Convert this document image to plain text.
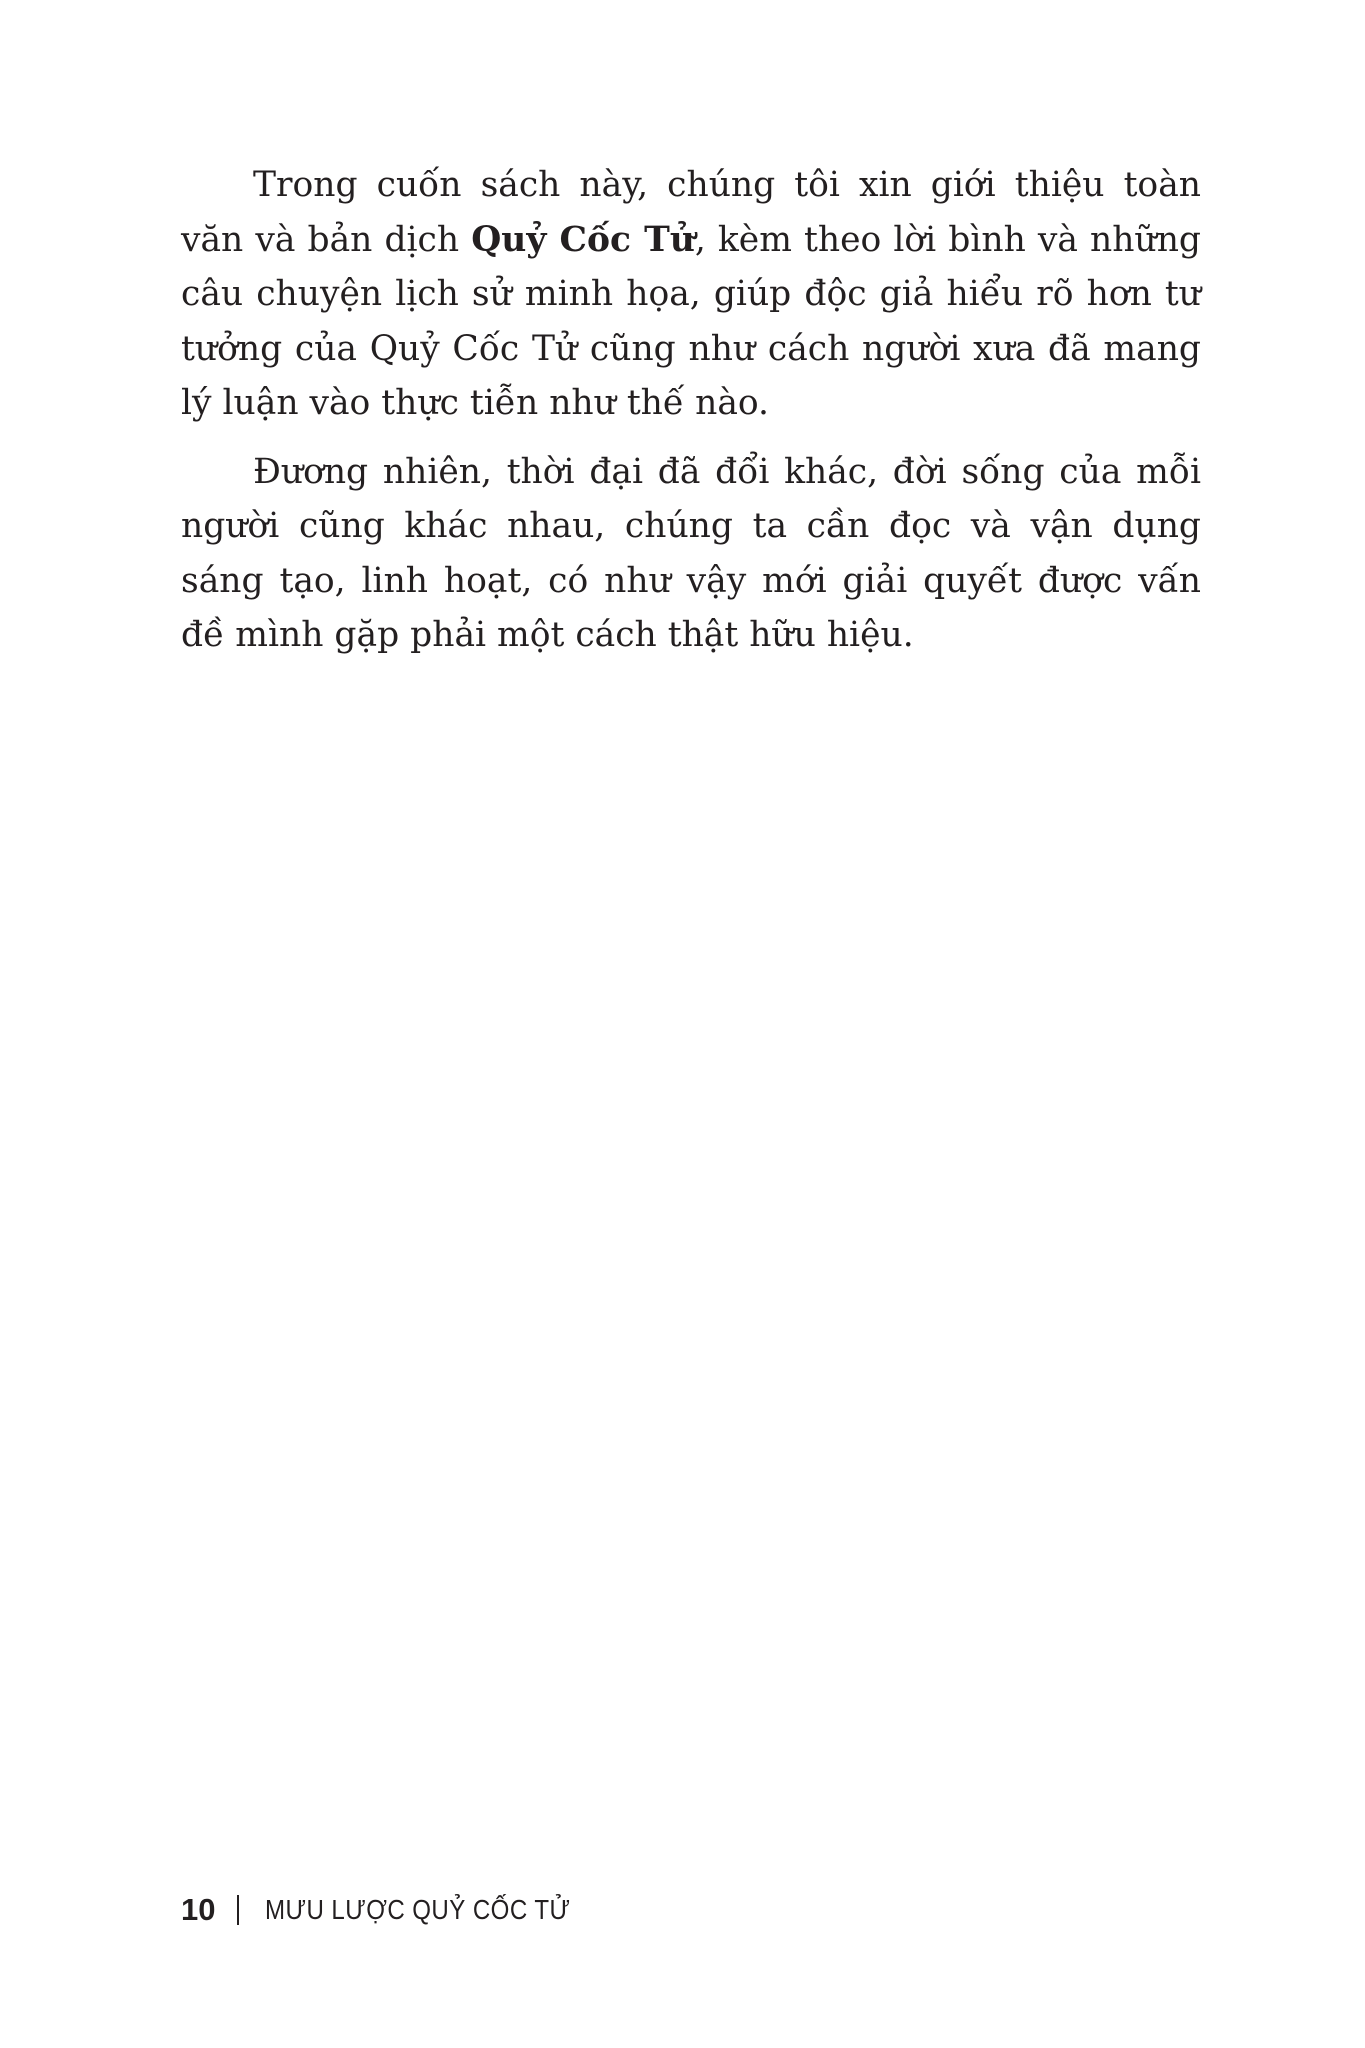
Trong cuốn sách này, chúng tôi xin giới thiệu toàn văn và bản dịch Quỷ Cốc Tử, kèm theo lời bình và những câu chuyện lịch sử minh họa, giúp độc giả hiểu rõ hơn tư tưởng của Quỷ Cốc Tử cũng như cách người xưa đã mang lý luận vào thực tiễn như thế nào.

Đương nhiên, thời đại đã đổi khác, đời sống của mỗi người cũng khác nhau, chúng ta cần đọc và vận dụng sáng tạo, linh hoạt, có như vậy mới giải quyết được vấn đề mình gặp phải một cách thật hữu hiệu.

10 MƯU LƯỢC QUỶ CỐC TỬ
